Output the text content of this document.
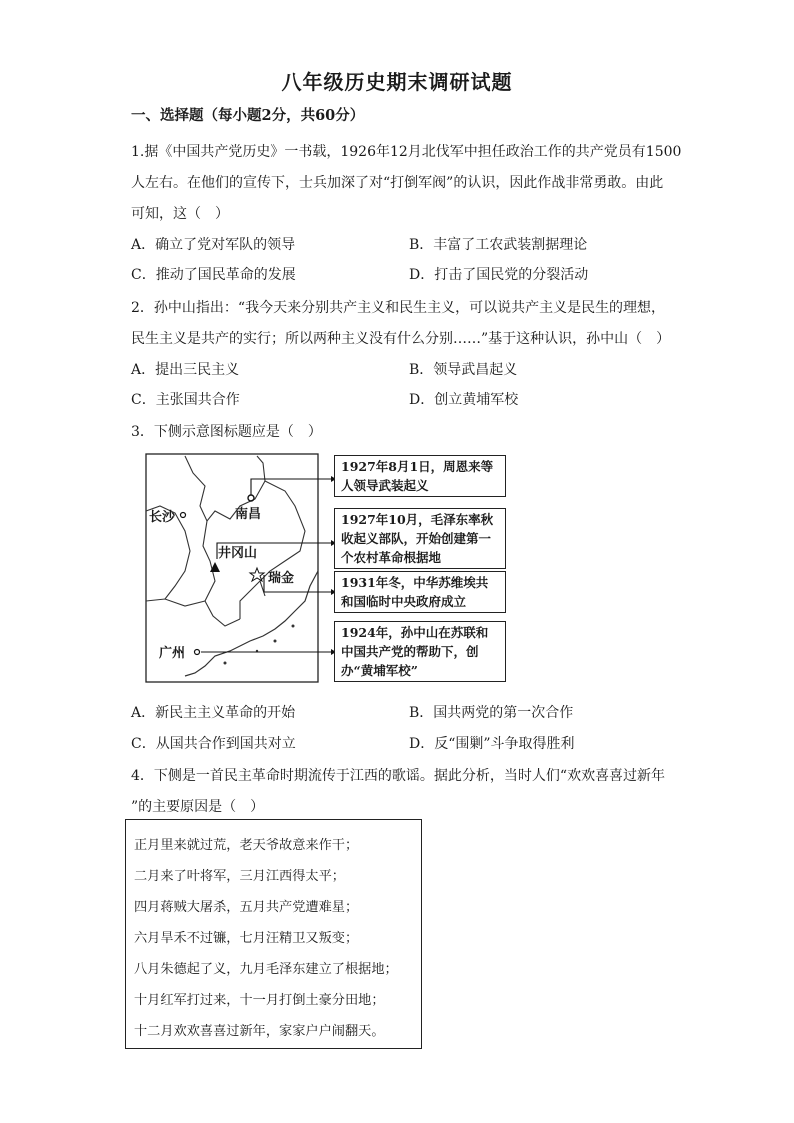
八年级历史期末调研试题
一、选择题（每小题2分，共60分）
1.据《中国共产党历史》一书载，1926年12月北伐军中担任政治工作的共产党员有1500
人左右。在他们的宣传下，士兵加深了对“打倒军阀”的认识，因此作战非常勇敢。由此
可知，这（　）
A．确立了党对军队的领导	B．丰富了工农武装割据理论
C．推动了国民革命的发展	D．打击了国民党的分裂活动
2．孙中山指出：“我今天来分别共产主义和民生主义，可以说共产主义是民生的理想，
民生主义是共产的实行；所以两种主义没有什么分别……”基于这种认识，孙中山（　）
A．提出三民主义	B．领导武昌起义
C．主张国共合作	D．创立黄埔军校
3．下侧示意图标题应是（　）
长沙	南昌
井冈山
瑞金
广州
1927年8月1日，周恩来等人领导武装起义
1927年10月，毛泽东率秋收起义部队，开始创建第一个农村革命根据地
1931年冬，中华苏维埃共和国临时中央政府成立
1924年，孙中山在苏联和中国共产党的帮助下，创办“黄埔军校”
A．新民主主义革命的开始	B．国共两党的第一次合作
C．从国共合作到国共对立	D．反“围剿”斗争取得胜利
4．下侧是一首民主革命时期流传于江西的歌谣。据此分析，当时人们“欢欢喜喜过新年
”的主要原因是（　）
正月里来就过荒，老天爷故意来作干；
二月来了叶将军，三月江西得太平；
四月蒋贼大屠杀，五月共产党遭难星；
六月旱禾不过镰，七月汪精卫又叛变；
八月朱德起了义，九月毛泽东建立了根据地；
十月红军打过来，十一月打倒土豪分田地；
十二月欢欢喜喜过新年，家家户户闹翻天。
